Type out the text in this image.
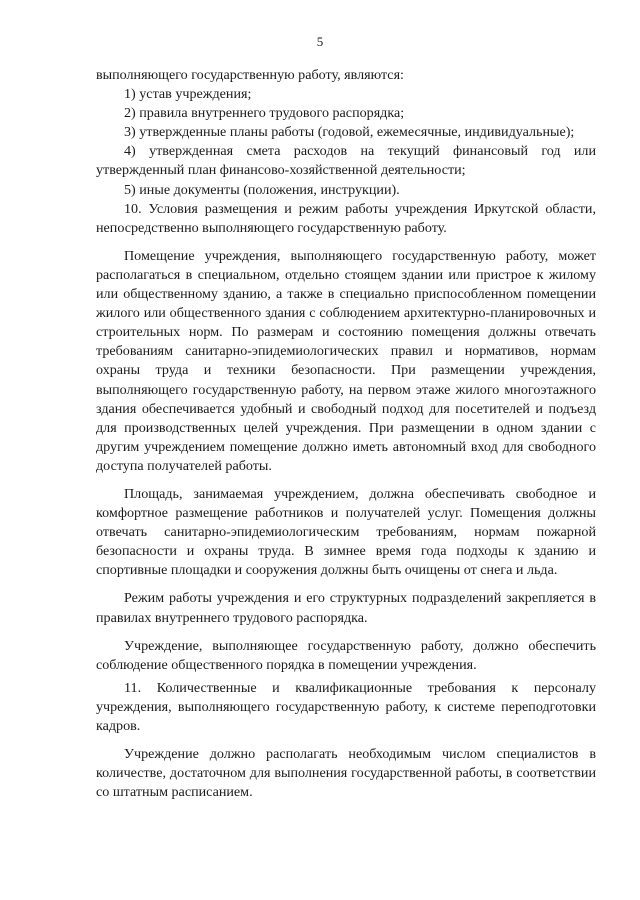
5

выполняющего государственную работу, являются:

1) устав учреждения;

2) правила внутреннего трудового распорядка;

3) утвержденные планы работы (годовой, ежемесячные, индивидуальные);

4) утвержденная смета расходов на текущий финансовый год или утвержденный план финансово-хозяйственной деятельности;

5) иные документы (положения, инструкции).

10. Условия размещения и режим работы учреждения Иркутской области, непосредственно выполняющего государственную работу.

Помещение учреждения, выполняющего государственную работу, может располагаться в специальном, отдельно стоящем здании или пристрое к жилому или общественному зданию, а также в специально приспособленном помещении жилого или общественного здания с соблюдением архитектурно-планировочных и строительных норм. По размерам и состоянию помещения должны отвечать требованиям санитарно-эпидемиологических правил и нормативов, нормам охраны труда и техники безопасности. При размещении учреждения, выполняющего государственную работу, на первом этаже жилого многоэтажного здания обеспечивается удобный и свободный подход для посетителей и подъезд для производственных целей учреждения. При размещении в одном здании с другим учреждением помещение должно иметь автономный вход для свободного доступа получателей работы.

Площадь, занимаемая учреждением, должна обеспечивать свободное и комфортное размещение работников и получателей услуг. Помещения должны отвечать санитарно-эпидемиологическим требованиям, нормам пожарной безопасности и охраны труда. В зимнее время года подходы к зданию и спортивные площадки и сооружения должны быть очищены от снега и льда.

Режим работы учреждения и его структурных подразделений закрепляется в правилах внутреннего трудового распорядка.

Учреждение, выполняющее государственную работу, должно обеспечить соблюдение общественного порядка в помещении учреждения.

11. Количественные и квалификационные требования к персоналу учреждения, выполняющего государственную работу, к системе переподготовки кадров.

Учреждение должно располагать необходимым числом специалистов в количестве, достаточном для выполнения государственной работы, в соответствии со штатным расписанием.
